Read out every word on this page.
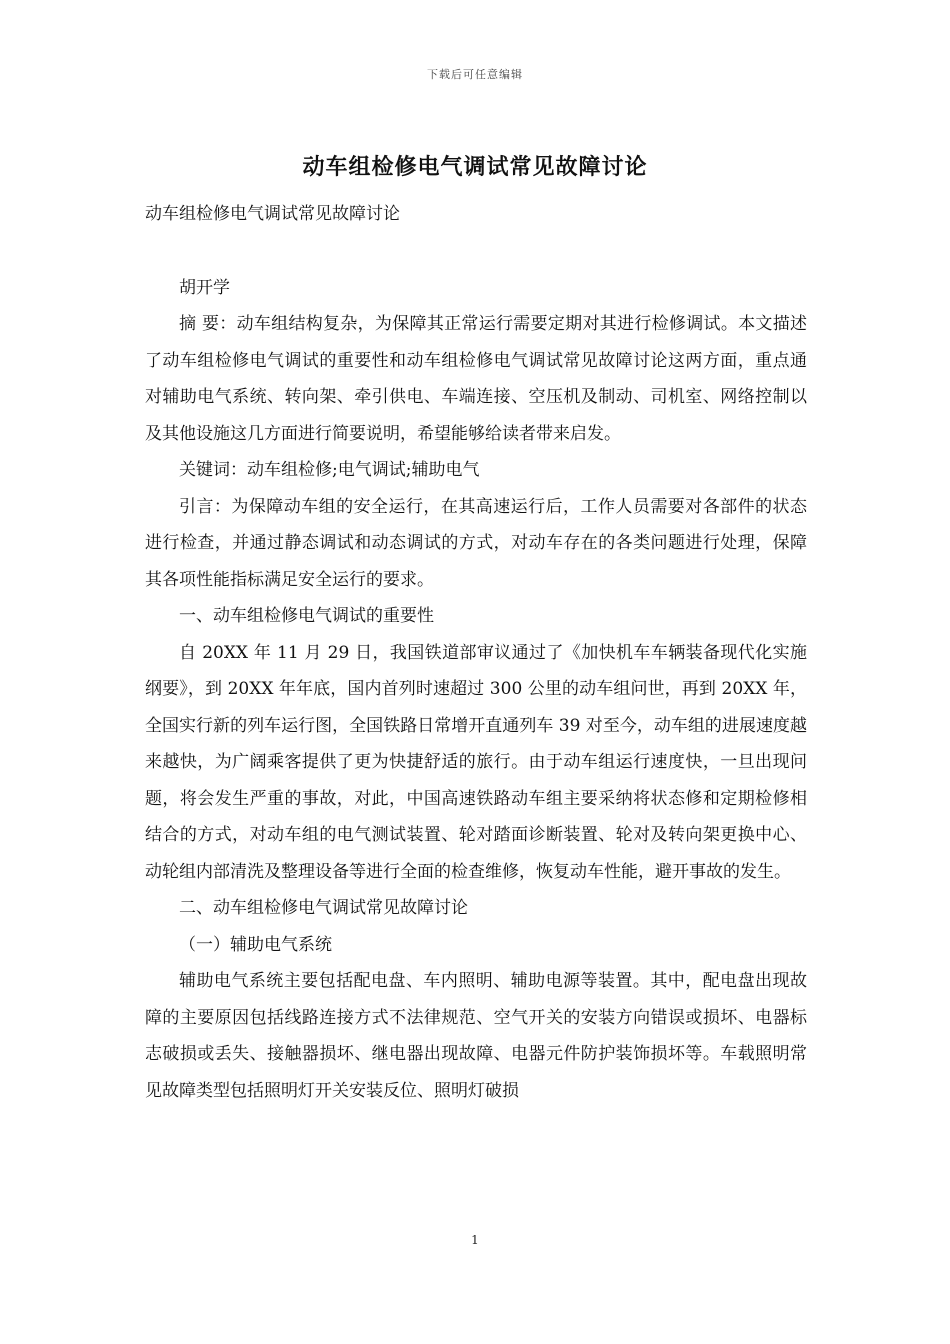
下载后可任意编辑
动车组检修电气调试常见故障讨论

动车组检修电气调试常见故障讨论

胡开学

摘 要：动车组结构复杂，为保障其正常运行需要定期对其进行检修调试。本文描述了动车组检修电气调试的重要性和动车组检修电气调试常见故障讨论这两方面，重点通对辅助电气系统、转向架、牵引供电、车端连接、空压机及制动、司机室、网络控制以及其他设施这几方面进行简要说明，希望能够给读者带来启发。

关键词：动车组检修;电气调试;辅助电气

引言：为保障动车组的安全运行，在其高速运行后，工作人员需要对各部件的状态进行检查，并通过静态调试和动态调试的方式，对动车存在的各类问题进行处理，保障其各项性能指标满足安全运行的要求。

一、动车组检修电气调试的重要性

自 20XX 年 11 月 29 日，我国铁道部审议通过了《加快机车车辆装备现代化实施纲要》，到 20XX 年年底，国内首列时速超过 300 公里的动车组问世，再到 20XX 年，全国实行新的列车运行图，全国铁路日常增开直通列车 39 对至今，动车组的进展速度越来越快，为广阔乘客提供了更为快捷舒适的旅行。由于动车组运行速度快，一旦出现问题，将会发生严重的事故，对此，中国高速铁路动车组主要采纳将状态修和定期检修相结合的方式，对动车组的电气测试装置、轮对踏面诊断装置、轮对及转向架更换中心、动轮组内部清洗及整理设备等进行全面的检查维修，恢复动车性能，避开事故的发生。

二、动车组检修电气调试常见故障讨论

（一）辅助电气系统

辅助电气系统主要包括配电盘、车内照明、辅助电源等装置。其中，配电盘出现故障的主要原因包括线路连接方式不法律规范、空气开关的安装方向错误或损坏、电器标志破损或丢失、接触器损坏、继电器出现故障、电器元件防护装饰损坏等。车载照明常见故障类型包括照明灯开关安装反位、照明灯破损

1
